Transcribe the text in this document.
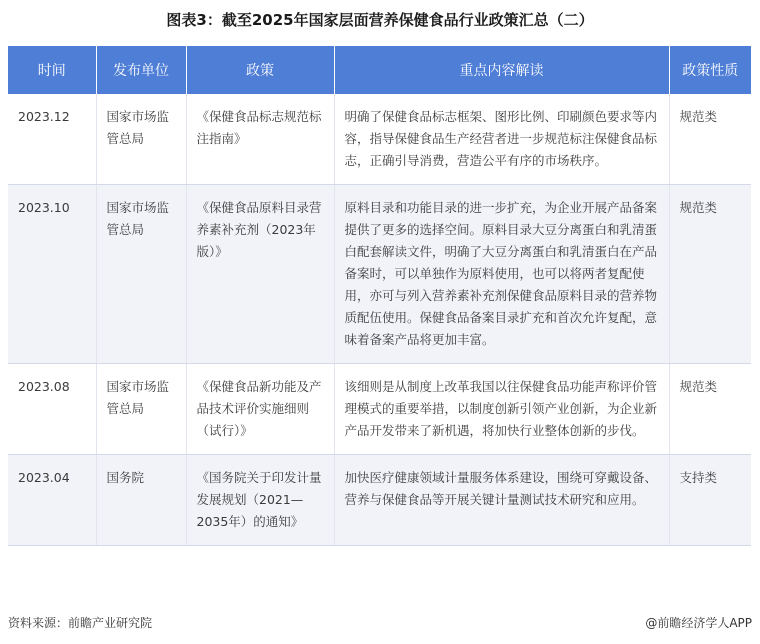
图表3：截至2025年国家层面营养保健食品行业政策汇总（二）
时间	发布单位	政策	重点内容解读	政策性质
2023.12	国家市场监管总局	《保健食品标志规范标注指南》	明确了保健食品标志框架、图形比例、印刷颜色要求等内容，指导保健食品生产经营者进一步规范标注保健食品标志，正确引导消费，营造公平有序的市场秩序。	规范类
2023.10	国家市场监管总局	《保健食品原料目录营养素补充剂（2023年版）》	原料目录和功能目录的进一步扩充，为企业开展产品备案提供了更多的选择空间。原料目录大豆分离蛋白和乳清蛋白配套解读文件，明确了大豆分离蛋白和乳清蛋白在产品备案时，可以单独作为原料使用，也可以将两者复配使用，亦可与列入营养素补充剂保健食品原料目录的营养物质配伍使用。保健食品备案目录扩充和首次允许复配，意味着备案产品将更加丰富。	规范类
2023.08	国家市场监管总局	《保健食品新功能及产品技术评价实施细则（试行）》	该细则是从制度上改革我国以往保健食品功能声称评价管理模式的重要举措，以制度创新引领产业创新，为企业新产品开发带来了新机遇，将加快行业整体创新的步伐。	规范类
2023.04	国务院	《国务院关于印发计量发展规划（2021—2035年）的通知》	加快医疗健康领域计量服务体系建设，围绕可穿戴设备、营养与保健食品等开展关键计量测试技术研究和应用。	支持类
资料来源：前瞻产业研究院	@前瞻经济学人APP
